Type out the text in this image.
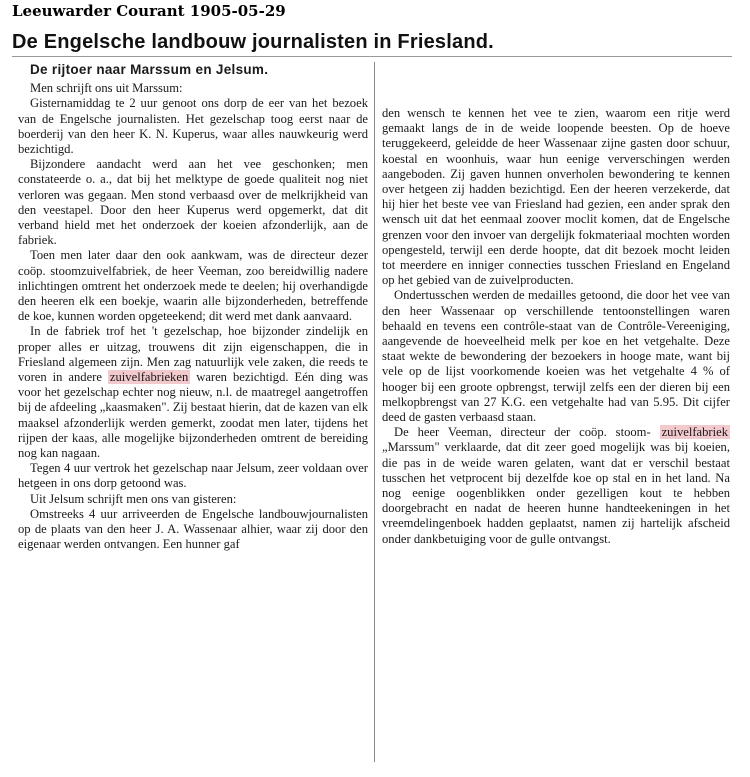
Leeuwarder Courant 1905-05-29
De Engelsche landbouw journalisten in Friesland.
De rijtoer naar Marssum en Jelsum.

Men schrijft ons uit Marssum:

Gisternamiddag te 2 uur genoot ons dorp de eer van het bezoek van de Engelsche journalisten. Het gezelschap toog eerst naar de boerderij van den heer K. N. Kuperus, waar alles nauwkeurig werd bezichtigd.

Bijzondere aandacht werd aan het vee geschonken; men constateerde o. a., dat bij het melktype de goede qualiteit nog niet verloren was gegaan. Men stond verbaasd over de melkrijkheid van den veestapel. Door den heer Kuperus werd opgemerkt, dat dit verband hield met het onderzoek der koeien afzonderlijk, aan de fabriek.

Toen men later daar den ook aankwam, was de directeur dezer coöp. stoomzuivelfabriek, de heer Veeman, zoo bereidwillig nadere inlichtingen omtrent het onderzoek mede te deelen; hij overhandigde den heeren elk een boekje, waarin alle bijzonderheden, betreffende de koe, kunnen worden opgeteekend; dit werd met dank aanvaard.

In de fabriek trof het 't gezelschap, hoe bijzonder zindelijk en proper alles er uitzag, trouwens dit zijn eigenschappen, die in Friesland algemeen zijn. Men zag natuurlijk vele zaken, die reeds te voren in andere zuivelfabrieken waren bezichtigd. Eén ding was voor het gezelschap echter nog nieuw, n.l. de maatregel aangetroffen bij de afdeeling „kaasmaken". Zij bestaat hierin, dat de kazen van elk maaksel afzonderlijk werden gemerkt, zoodat men later, tijdens het rijpen der kaas, alle mogelijke bijzonderheden omtrent de bereiding nog kan nagaan.

Tegen 4 uur vertrok het gezelschap naar Jelsum, zeer voldaan over hetgeen in ons dorp getoond was.

Uit Jelsum schrijft men ons van gisteren:

Omstreeks 4 uur arriveerden de Engelsche landbouwjournalisten op de plaats van den heer J. A. Wassenaar alhier, waar zij door den eigenaar werden ontvangen. Een hunner gaf

den wensch te kennen het vee te zien, waarom een ritje werd gemaakt langs de in de weide loopende beesten. Op de hoeve teruggekeerd, geleidde de heer Wassenaar zijne gasten door schuur, koestal en woonhuis, waar hun eenige ververschingen werden aangeboden. Zij gaven hunnen onverholen bewondering te kennen over hetgeen zij hadden bezichtigd. Een der heeren verzekerde, dat hij hier het beste vee van Friesland had gezien, een ander sprak den wensch uit dat het eenmaal zoover moclit komen, dat de Engelsche grenzen voor den invoer van dergelijk fokmateriaal mochten worden opengesteld, terwijl een derde hoopte, dat dit bezoek mocht leiden tot meerdere en inniger connecties tusschen Friesland en Engeland op het gebied van de zuivelproducten.

Ondertusschen werden de medailles getoond, die door het vee van den heer Wassenaar op verschillende tentoonstellingen waren behaald en tevens een contrôle-staat van de Contrôle-Vereeniging, aangevende de hoeveelheid melk per koe en het vetgehalte. Deze staat wekte de bewondering der bezoekers in hooge mate, want bij vele op de lijst voorkomende koeien was het vetgehalte 4 % of hooger bij een groote opbrengst, terwijl zelfs een der dieren bij een melkopbrengst van 27 K.G. een vetgehalte had van 5.95. Dit cijfer deed de gasten verbaasd staan.

De heer Veeman, directeur der coöp. stoom- zuivelfabriek „Marssum" verklaarde, dat dit zeer goed mogelijk was bij koeien, die pas in de weide waren gelaten, want dat er verschil bestaat tusschen het vetprocent bij dezelfde koe op stal en in het land. Na nog eenige oogenblikken onder gezelligen kout te hebben doorgebracht en nadat de heeren hunne handteekeningen in het vreemdelingenboek hadden geplaatst, namen zij hartelijk afscheid onder dankbetuiging voor de gulle ontvangst.
